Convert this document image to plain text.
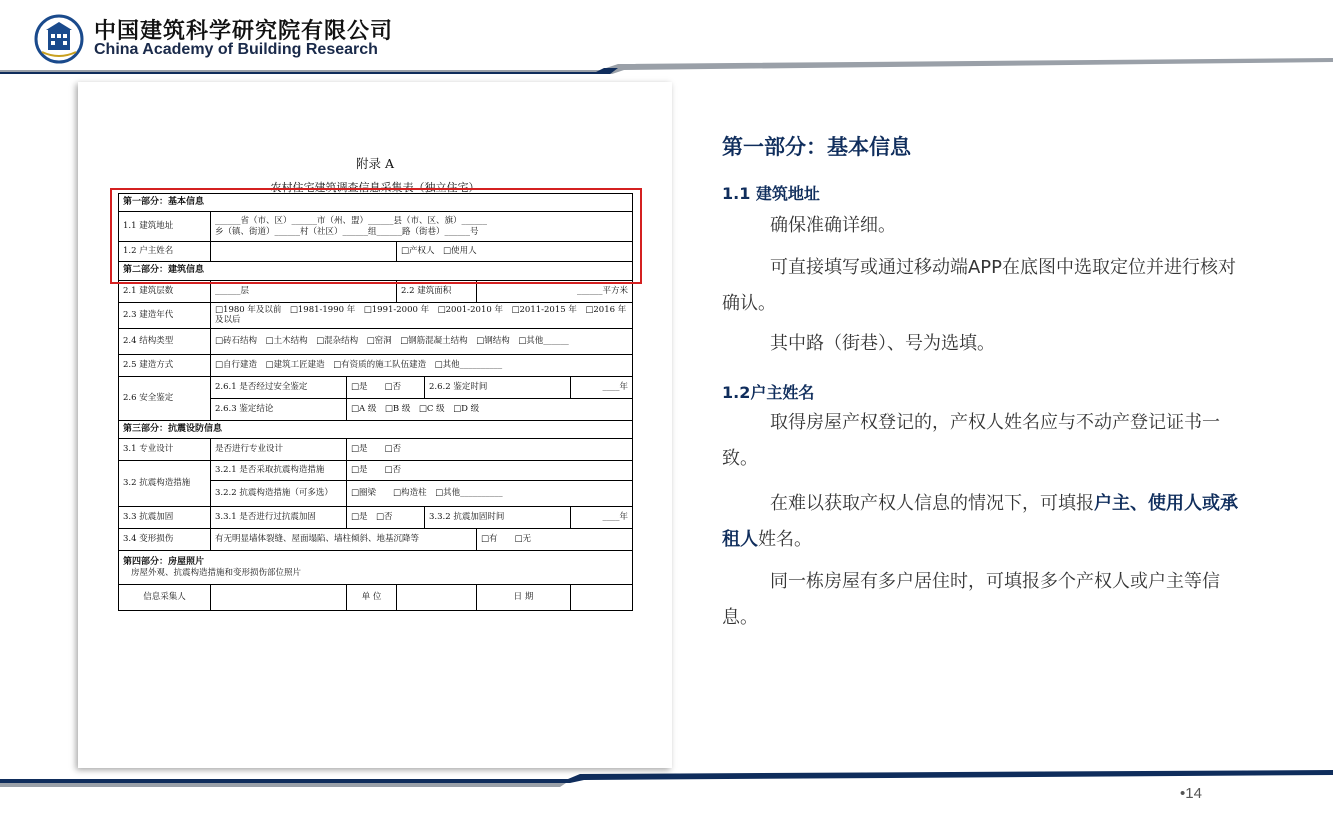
中国建筑科学研究院有限公司
China Academy of Building Research
附录 A
农村住宅建筑调查信息采集表（独立住宅）
第一部分：基本信息						
1.1 建筑地址	______省（市、区）______市（州、盟）______县（市、区、旗）______
乡（镇、街道）______村（社区）______组______路（街巷）______号					

1.2 户主姓名			□产权人　□使用人			
第二部分：建筑信息						
2.1 建筑层数	______层		2.2 建筑面积		______平方米	
2.3 建造年代	□1980 年及以前　□1981-1990 年　□1991-2000 年　□2001-2010 年　□2011-2015 年　□2016 年及以后					
2.4 结构类型	□砖石结构　□土木结构　□混杂结构　□窑洞　□钢筋混凝土结构　□钢结构　□其他______					
2.5 建造方式	□自行建造　□建筑工匠建造　□有资质的施工队伍建造　□其他__________					
2.6 安全鉴定	2.6.1 是否经过安全鉴定	□是　　□否		2.6.2 鉴定时间		____年
	2.6.3 鉴定结论	□A 级　□B 级　□C 级　□D 级				
第三部分：抗震设防信息						
3.1 专业设计	是否进行专业设计	□是　　□否				
3.2 抗震构造措施	3.2.1 是否采取抗震构造措施	□是　　□否				
	3.2.2 抗震构造措施（可多选）	□圈梁　　□构造柱　□其他__________				
3.3 抗震加固	3.3.1 是否进行过抗震加固	□是　□否		3.3.2 抗震加固时间		____年
3.4 变形损伤	有无明显墙体裂缝、屋面塌陷、墙柱倾斜、地基沉降等				□有　　□无	

第四部分：房屋照片
房屋外观、抗震构造措施和变形损伤部位照片						

信息采集人		单 位			日 期	
第一部分：基本信息
1.1 建筑地址
确保准确详细。
可直接填写或通过移动端APP在底图中选取定位并进行核对确认。
其中路（街巷）、号为选填。
1.2户主姓名
取得房屋产权登记的，产权人姓名应与不动产登记证书一致。
在难以获取产权人信息的情况下，可填报户主、使用人或承租人姓名。
同一栋房屋有多户居住时，可填报多个产权人或户主等信息。
•14
